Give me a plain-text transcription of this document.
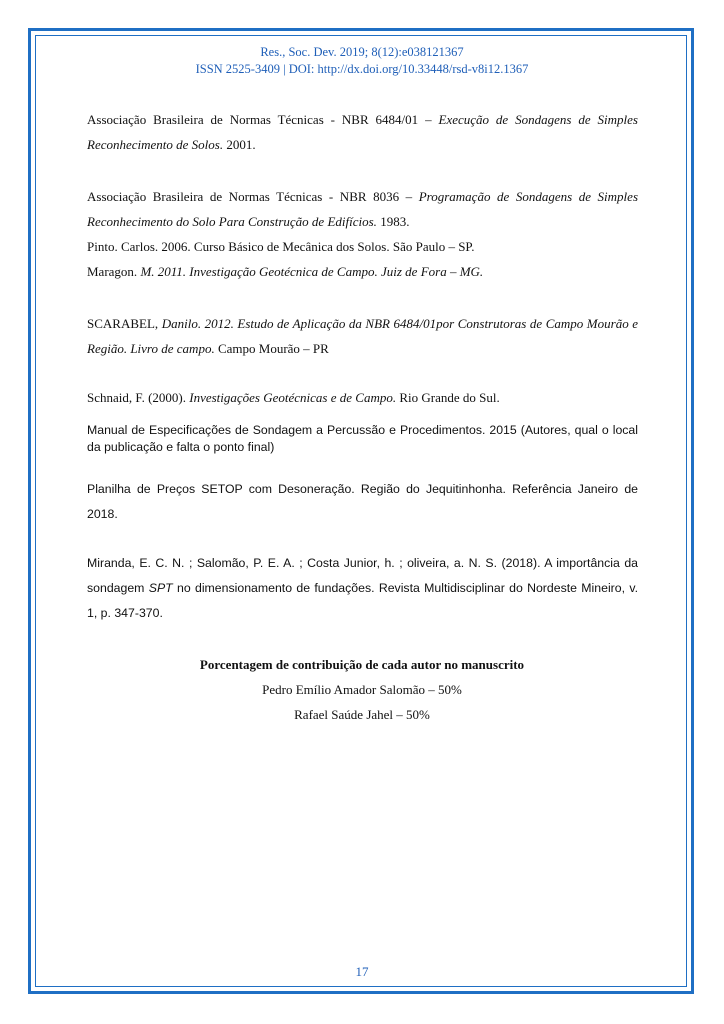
Res., Soc. Dev. 2019; 8(12):e038121367
ISSN 2525-3409 | DOI: http://dx.doi.org/10.33448/rsd-v8i12.1367
Associação Brasileira de Normas Técnicas - NBR 6484/01 – Execução de Sondagens de Simples Reconhecimento de Solos. 2001.
Associação Brasileira de Normas Técnicas - NBR 8036 – Programação de Sondagens de Simples Reconhecimento do Solo Para Construção de Edifícios. 1983.
Pinto. Carlos. 2006. Curso Básico de Mecânica dos Solos. São Paulo – SP.
Maragon. M. 2011. Investigação Geotécnica de Campo. Juiz de Fora – MG.
SCARABEL, Danilo. 2012. Estudo de Aplicação da NBR 6484/01por Construtoras de Campo Mourão e Região. Livro de campo. Campo Mourão – PR
Schnaid, F. (2000). Investigações Geotécnicas e de Campo. Rio Grande do Sul.
Manual de Especificações de Sondagem a Percussão e Procedimentos. 2015 (Autores, qual o local da publicação e falta o ponto final)
Planilha de Preços SETOP com Desoneração. Região do Jequitinhonha. Referência Janeiro de 2018.
Miranda, E. C. N. ; Salomão, P. E. A. ; Costa Junior, h. ; oliveira, a. N. S. (2018). A importância da sondagem SPT no dimensionamento de fundações. Revista Multidisciplinar do Nordeste Mineiro, v. 1, p. 347-370.
Porcentagem de contribuição de cada autor no manuscrito
Pedro Emílio Amador Salomão – 50%
Rafael Saúde Jahel – 50%
17
